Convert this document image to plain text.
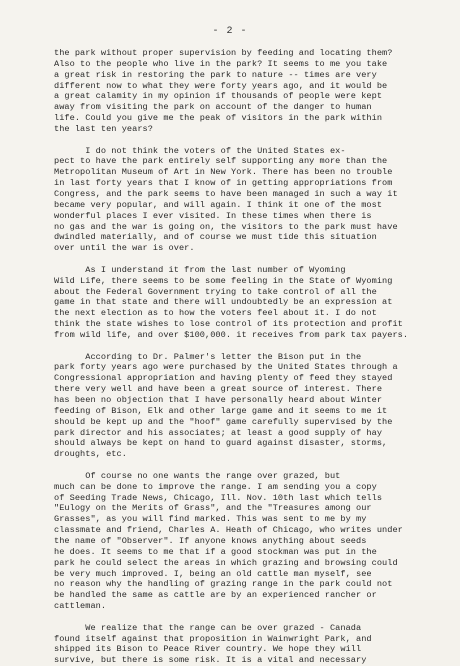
- 2 -
the park without proper supervision by feeding and locating them?
Also to the people who live in the park? It seems to me you take
a great risk in restoring the park to nature -- times are very
different now to what they were forty years ago, and it would be
a great calamity in my opinion if thousands of people were kept
away from visiting the park on account of the danger to human
life. Could you give me the peak of visitors in the park within
the last ten years?
I do not think the voters of the United States ex-
pect to have the park entirely self supporting any more than the
Metropolitan Museum of Art in New York. There has been no trouble
in last forty years that I know of in getting appropriations from
Congress, and the park seems to have been managed in such a way it
became very popular, and will again. I think it one of the most
wonderful places I ever visited. In these times when there is
no gas and the war is going on, the visitors to the park must have
dwindled materially, and of course we must tide this situation
over until the war is over.
As I understand it from the last number of Wyoming
Wild Life, there seems to be some feeling in the State of Wyoming
about the Federal Government trying to take control of all the
game in that state and there will undoubtedly be an expression at
the next election as to how the voters feel about it. I do not
think the state wishes to lose control of its protection and profit
from wild life, and over $100,000. it receives from park tax payers.
According to Dr. Palmer's letter the Bison put in the
park forty years ago were purchased by the United States through a
Congressional appropriation and having plenty of feed they stayed
there very well and have been a great source of interest. There
has been no objection that I have personally heard about Winter
feeding of Bison, Elk and other large game and it seems to me it
should be kept up and the "hoof" game carefully supervised by the
park director and his associates; at least a good supply of hay
should always be kept on hand to guard against disaster, storms,
droughts, etc.
Of course no one wants the range over grazed, but
much can be done to improve the range. I am sending you a copy
of Seeding Trade News, Chicago, Ill. Nov. 10th last which tells
"Eulogy on the Merits of Grass", and the "Treasures among our
Grasses", as you will find marked. This was sent to me by my
classmate and friend, Charles A. Heath of Chicago, who writes under
the name of "Observer". If anyone knows anything about seeds
he does. It seems to me that if a good stockman was put in the
park he could select the areas in which grazing and browsing could
be very much improved. I, being an old cattle man myself, see
no reason why the handling of grazing range in the park could not
be handled the same as cattle are by an experienced rancher or
cattleman.
We realize that the range can be over grazed - Canada
found itself against that proposition in Wainwright Park, and
shipped its Bison to Peace River country. We hope they will
survive, but there is some risk. It is a vital and necessary
